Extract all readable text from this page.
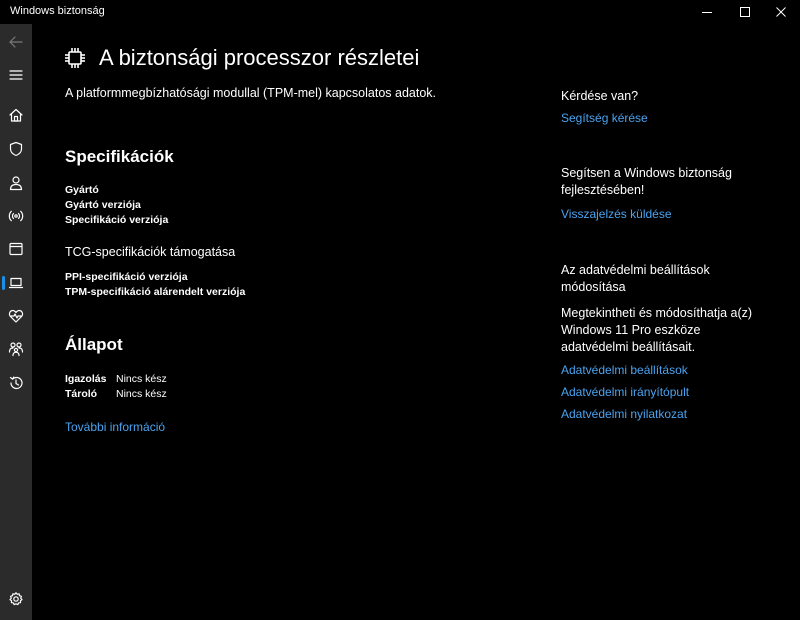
Windows biztonság
A biztonsági processzor részletei

A platformmegbízhatósági modullal (TPM-mel) kapcsolatos adatok.

Specifikációk
Gyártó
Gyártó verziója
Specifikáció verziója
TCG-specifikációk támogatása
PPI-specifikáció verziója
TPM-specifikáció alárendelt verziója
Állapot
Igazolás Nincs kész
Tároló Nincs kész
További információ
Kérdése van?
Segítség kérése
Segítsen a Windows biztonság fejlesztésében!
Visszajelzés küldése
Az adatvédelmi beállítások módosítása
Megtekintheti és módosíthatja a(z) Windows 11 Pro eszköze adatvédelmi beállításait.
Adatvédelmi beállítások
Adatvédelmi irányítópult
Adatvédelmi nyilatkozat
